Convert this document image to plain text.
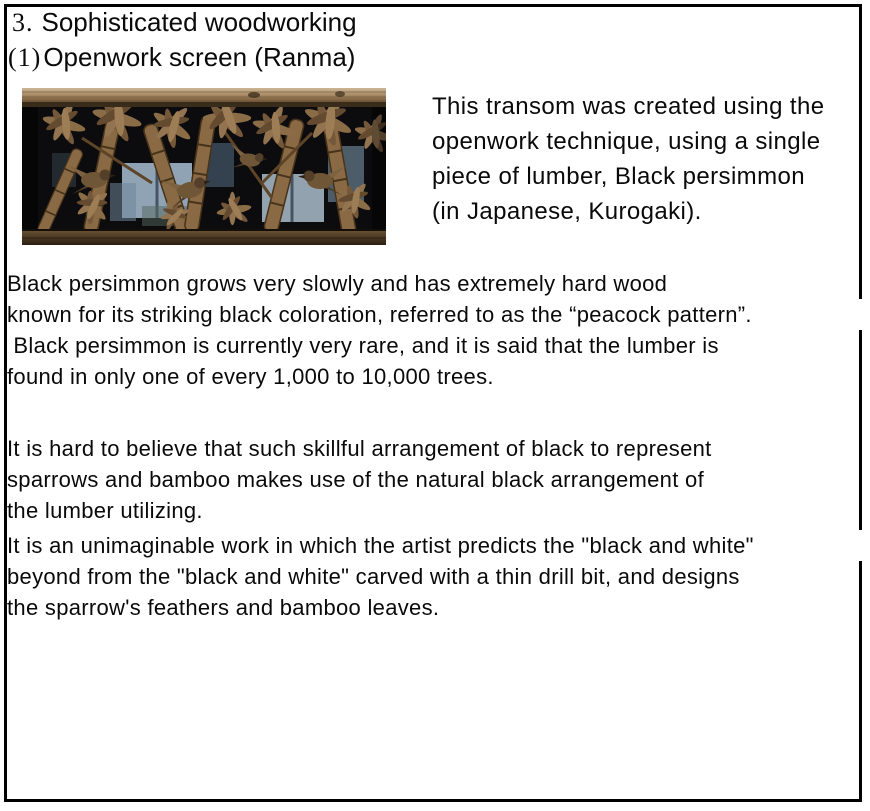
3. Sophisticated woodworking
(1)Openwork screen (Ranma)
This transom was created using the
openwork technique, using a single
piece of lumber, Black persimmon
(in Japanese, Kurogaki).
Black persimmon grows very slowly and has extremely hard wood
known for its striking black coloration, referred to as the “peacock pattern”.
Black persimmon is currently very rare, and it is said that the lumber is
found in only one of every 1,000 to 10,000 trees.
It is hard to believe that such skillful arrangement of black to represent
sparrows and bamboo makes use of the natural black arrangement of
the lumber utilizing.
It is an unimaginable work in which the artist predicts the "black and white"
beyond from the "black and white" carved with a thin drill bit, and designs
the sparrow's feathers and bamboo leaves.
